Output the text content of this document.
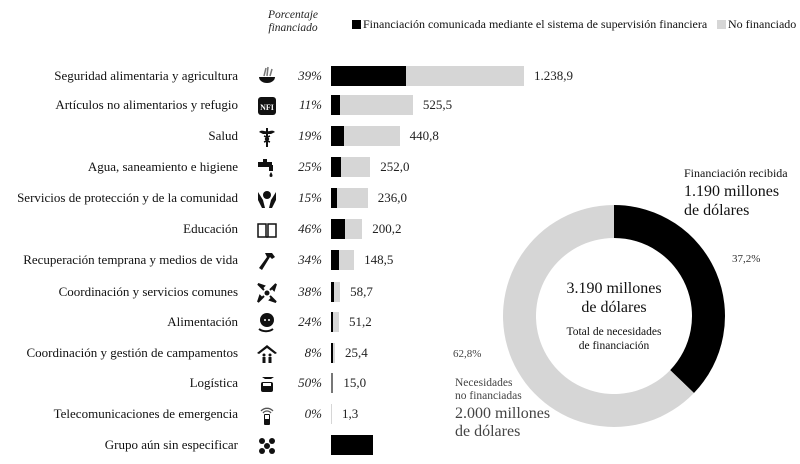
Porcentaje
financiado	Financiación comunicada mediante el sistema de supervisión financiera	No financiado
Seguridad alimentaria y agricultura	39%	1.238,9
Artículos no alimentarios y refugio	NFI	11%	525,5
Salud	19%	440,8
Agua, saneamiento e higiene	25%	252,0
Servicios de protección y de la comunidad	15%	236,0
Educación	46%	200,2
Recuperación temprana y medios de vida	34%	148,5
Coordinación y servicios comunes	38% 58,7
Alimentación	24% 51,2
Coordinación y gestión de campamentos	8% 25,4
Logística	50% 15,0
Telecomunicaciones de emergencia	0% 1,3
Grupo aún sin especificar
Financiación recibida
1.190 millones
de dólares
37,2%
3.190 millones
de dólares
Total de necesidades
de financiación
62,8%
Necesidades
no financiadas
2.000 millones
de dólares
